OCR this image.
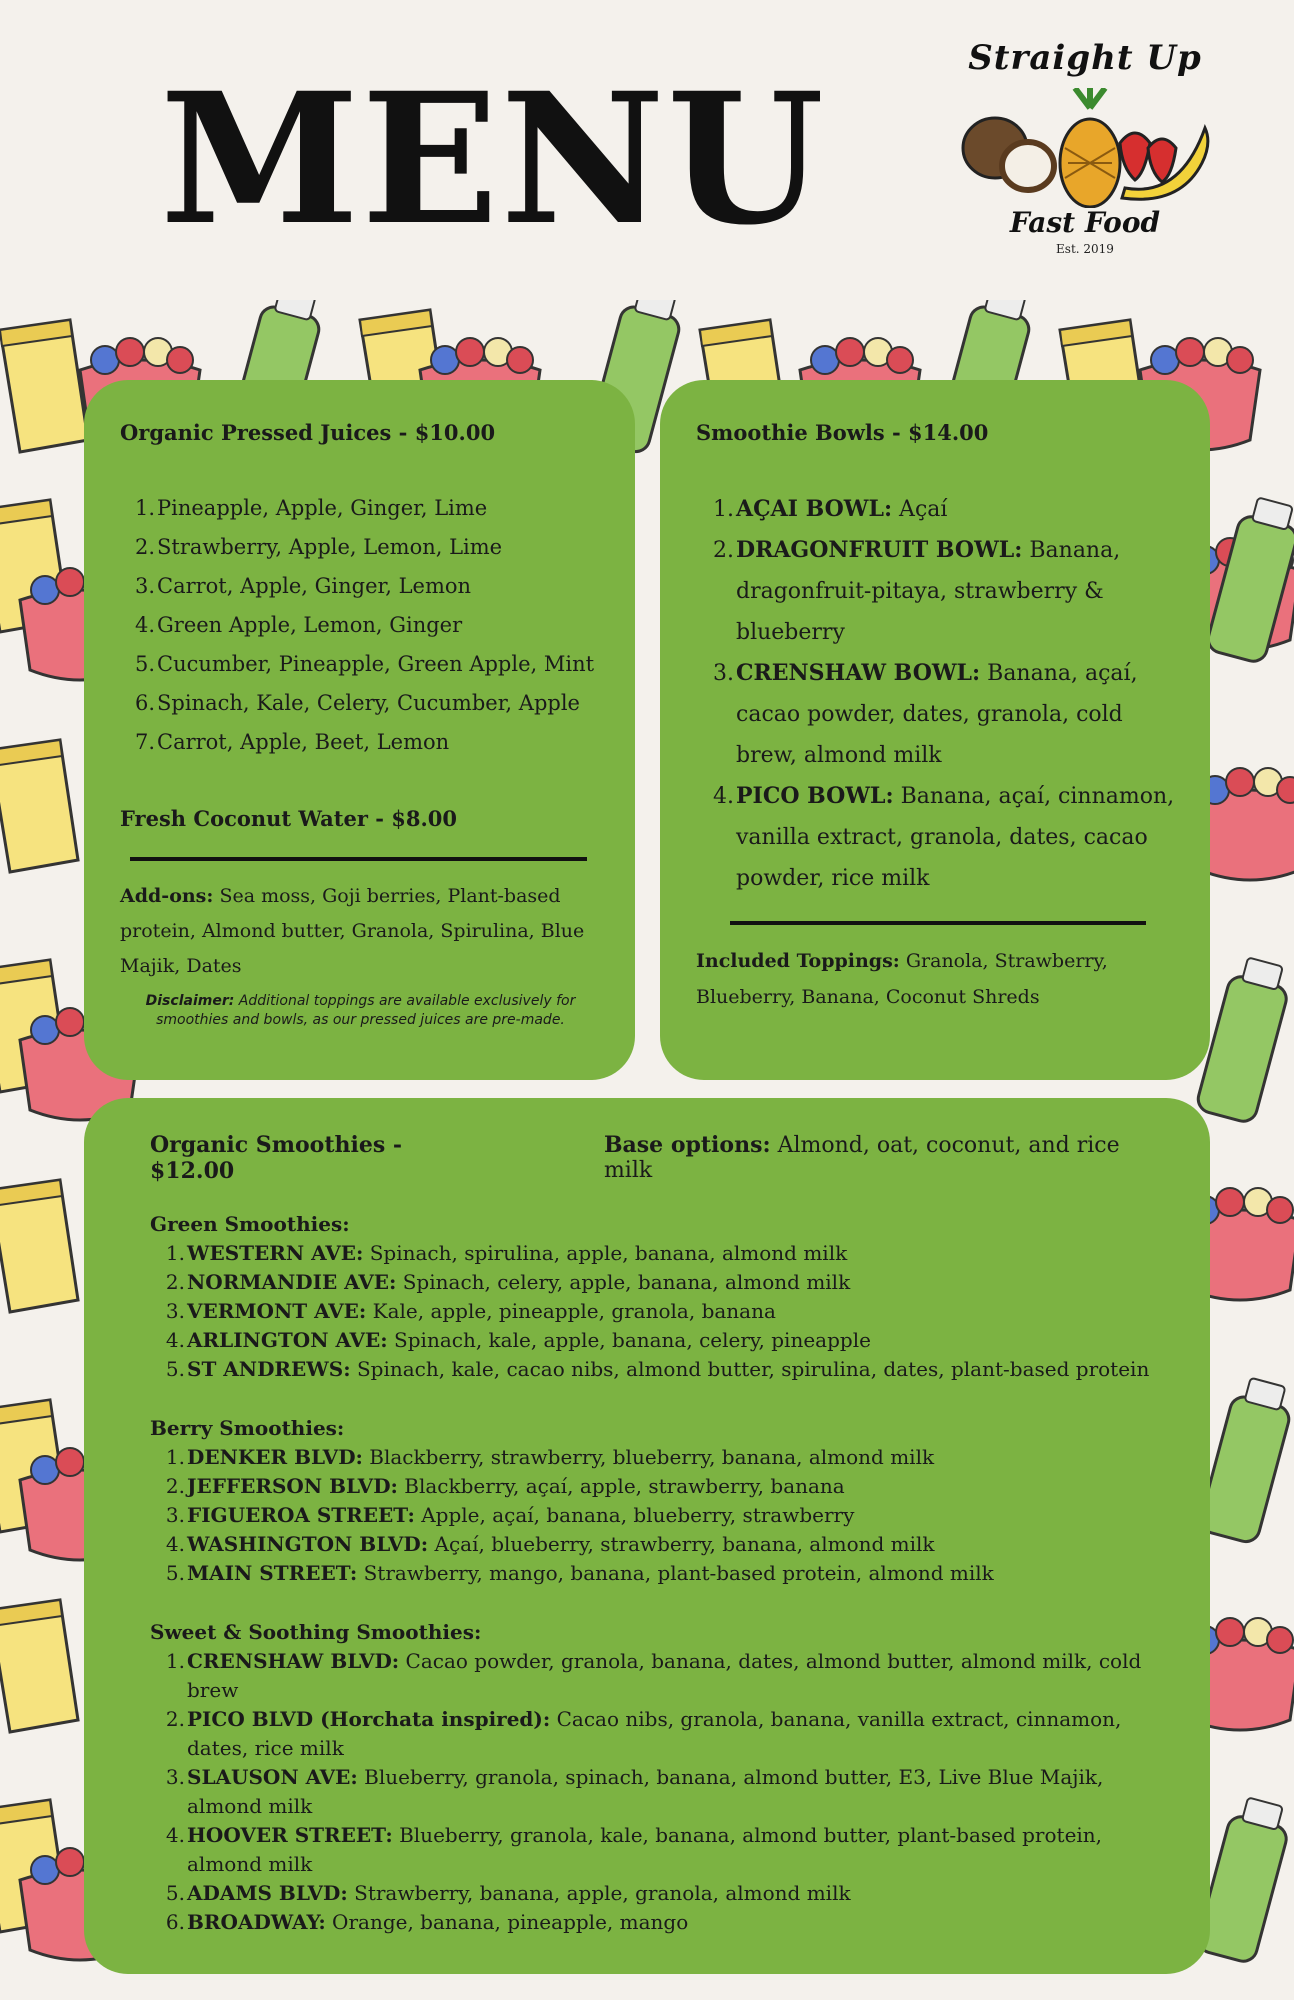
MENU	Straight Up
Fast Food
Est. 2019
Organic Pressed Juices - $10.00
1. Pineapple, Apple, Ginger, Lime
2. Strawberry, Apple, Lemon, Lime
3. Carrot, Apple, Ginger, Lemon
4. Green Apple, Lemon, Ginger
5. Cucumber, Pineapple, Green Apple, Mint
6. Spinach, Kale, Celery, Cucumber, Apple
7. Carrot, Apple, Beet, Lemon
Fresh Coconut Water - $8.00
Add-ons: Sea moss, Goji berries, Plant-based protein, Almond butter, Granola, Spirulina, Blue Majik, Dates
Disclaimer: Additional toppings are available exclusively for smoothies and bowls, as our pressed juices are pre-made.
Smoothie Bowls - $14.00
1. AÇAI BOWL: Açaí
2. DRAGONFRUIT BOWL: Banana, dragonfruit-pitaya, strawberry & blueberry
3. CRENSHAW BOWL: Banana, açaí, cacao powder, dates, granola, cold brew, almond milk
4. PICO BOWL: Banana, açaí, cinnamon, vanilla extract, granola, dates, cacao powder, rice milk
Included Toppings: Granola, Strawberry, Blueberry, Banana, Coconut Shreds
Organic Smoothies - $12.00
Base options: Almond, oat, coconut, and rice milk
Green Smoothies:
1. WESTERN AVE: Spinach, spirulina, apple, banana, almond milk
2. NORMANDIE AVE: Spinach, celery, apple, banana, almond milk
3. VERMONT AVE: Kale, apple, pineapple, granola, banana
4. ARLINGTON AVE: Spinach, kale, apple, banana, celery, pineapple
5. ST ANDREWS: Spinach, kale, cacao nibs, almond butter, spirulina, dates, plant-based protein
Berry Smoothies:
1. DENKER BLVD: Blackberry, strawberry, blueberry, banana, almond milk
2. JEFFERSON BLVD: Blackberry, açaí, apple, strawberry, banana
3. FIGUEROA STREET: Apple, açaí, banana, blueberry, strawberry
4. WASHINGTON BLVD: Açaí, blueberry, strawberry, banana, almond milk
5. MAIN STREET: Strawberry, mango, banana, plant-based protein, almond milk
Sweet & Soothing Smoothies:
1. CRENSHAW BLVD: Cacao powder, granola, banana, dates, almond butter, almond milk, cold brew
2. PICO BLVD (Horchata inspired): Cacao nibs, granola, banana, vanilla extract, cinnamon, dates, rice milk
3. SLAUSON AVE: Blueberry, granola, spinach, banana, almond butter, E3, Live Blue Majik, almond milk
4. HOOVER STREET: Blueberry, granola, kale, banana, almond butter, plant-based protein, almond milk
5. ADAMS BLVD: Strawberry, banana, apple, granola, almond milk
6. BROADWAY: Orange, banana, pineapple, mango
